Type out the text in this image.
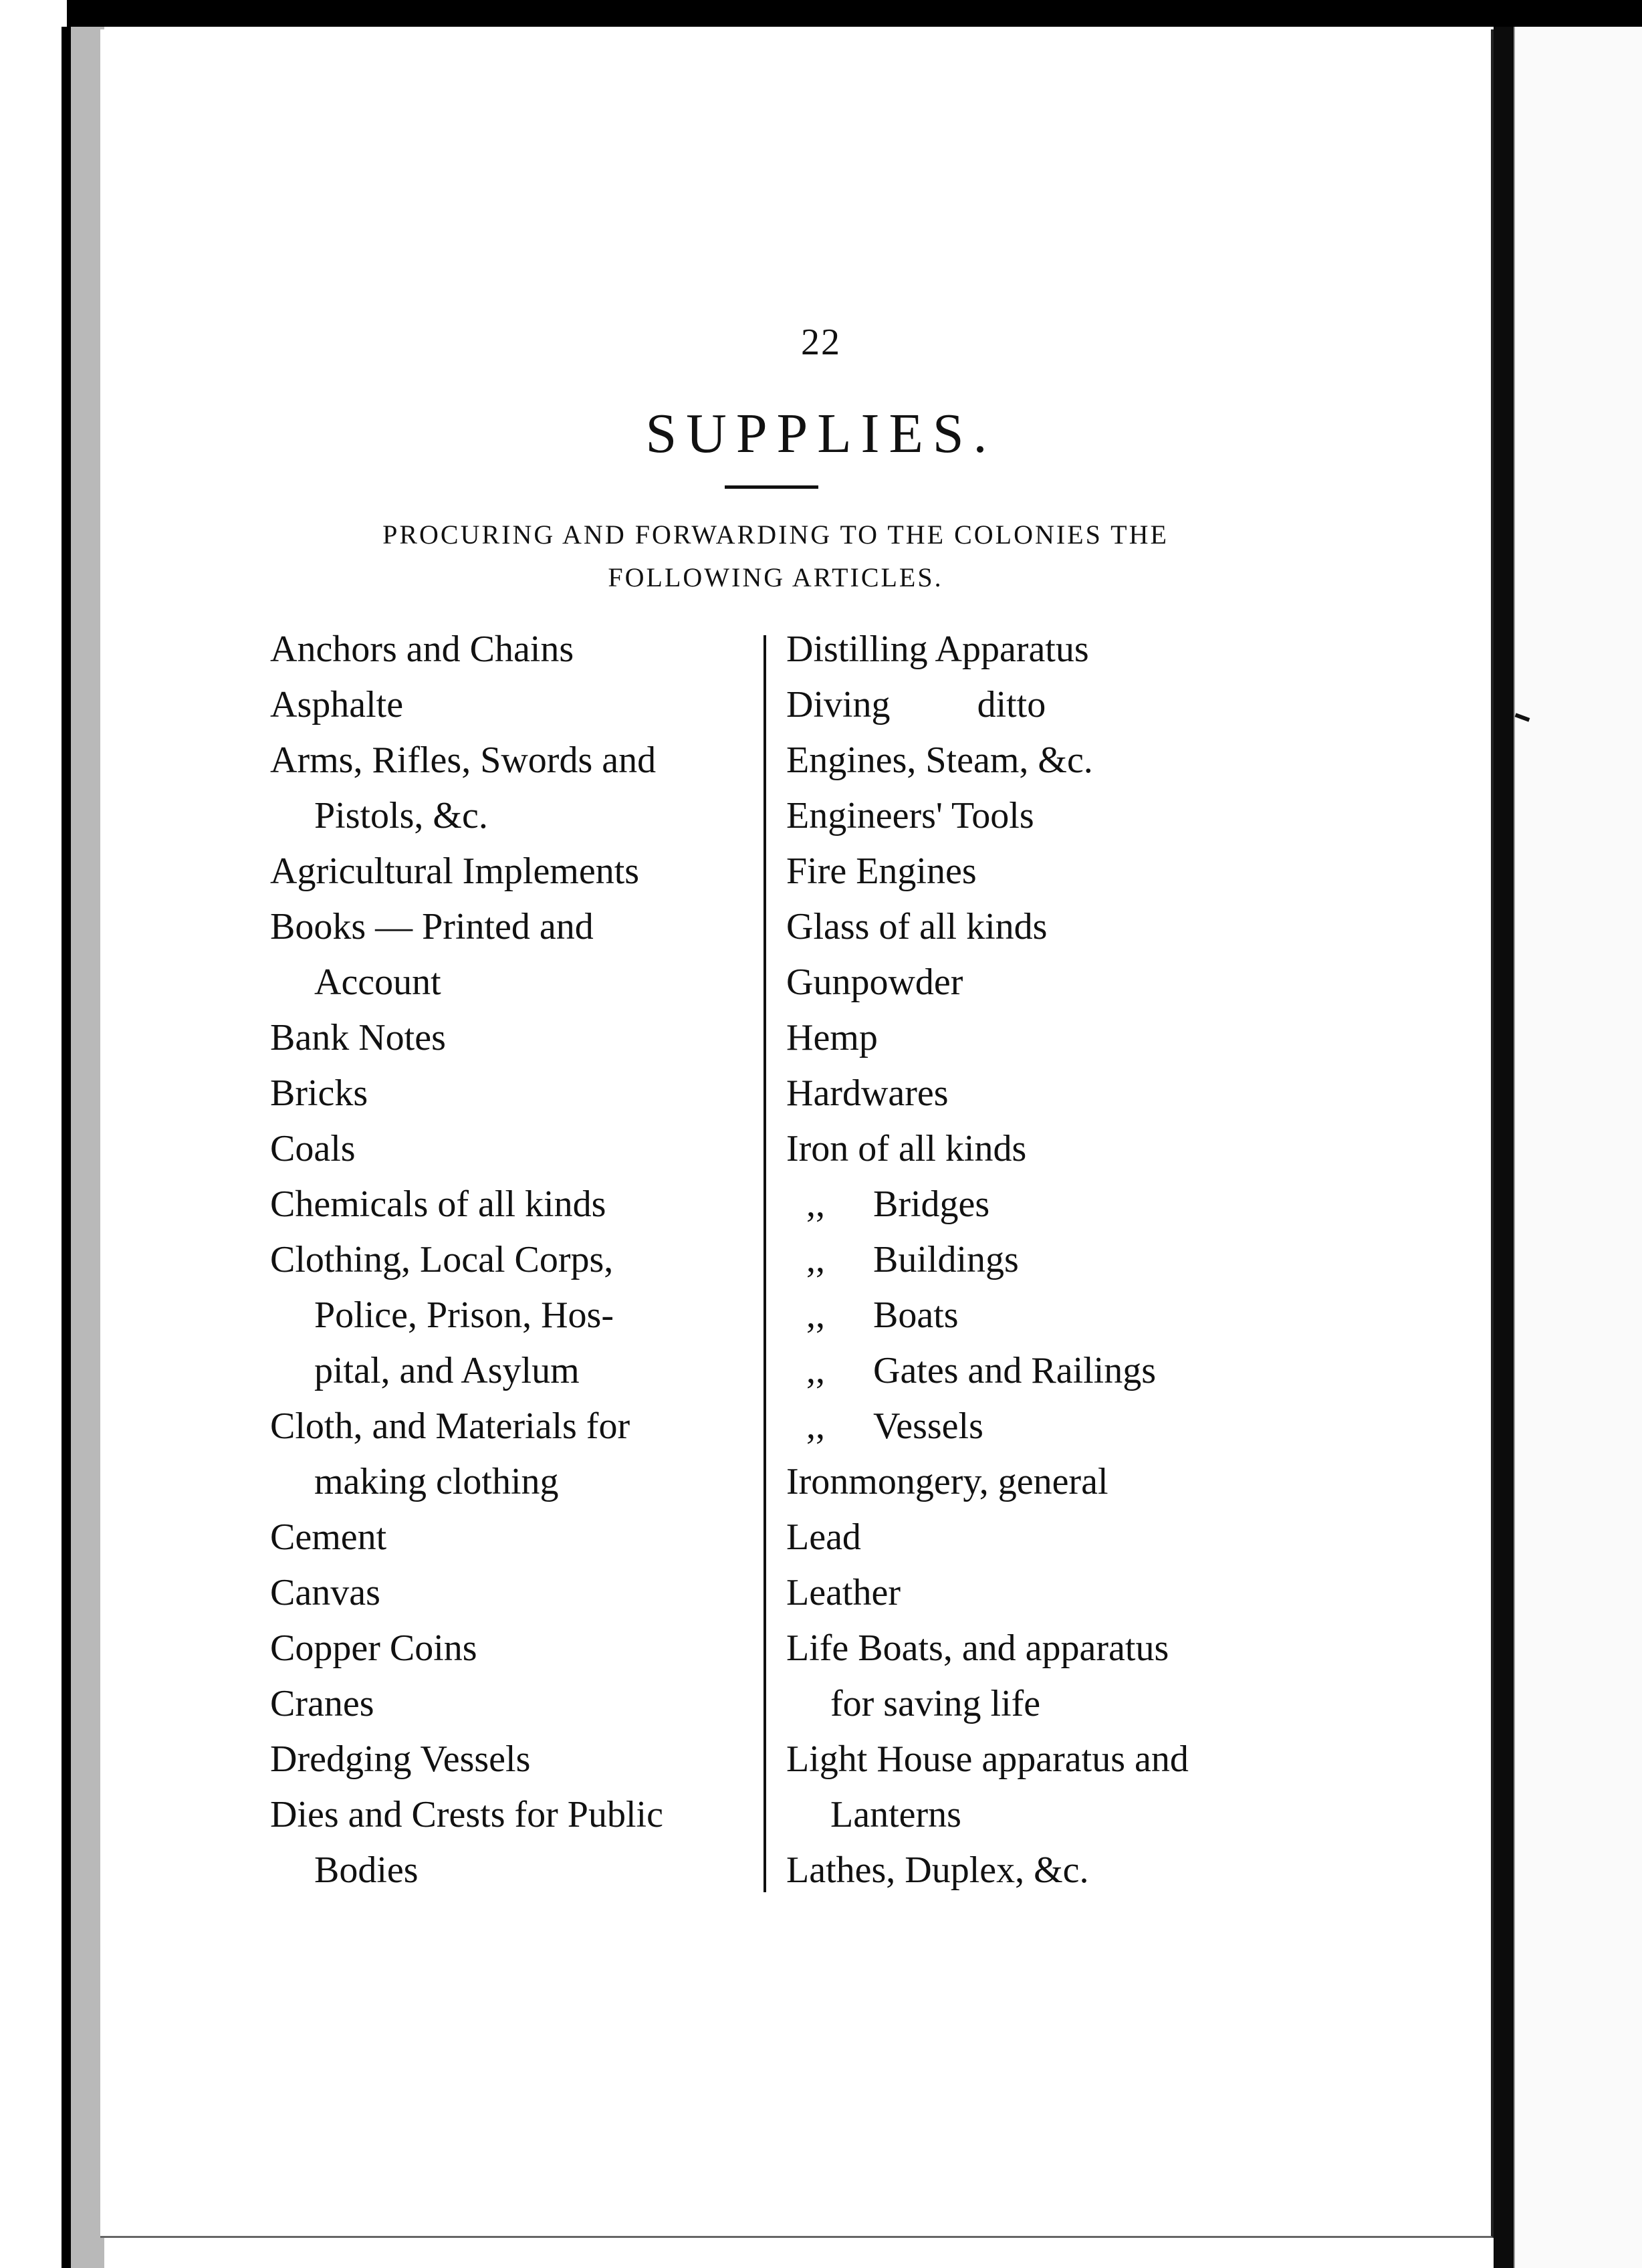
22
SUPPLIES.
PROCURING AND FORWARDING TO THE COLONIES THE
FOLLOWING ARTICLES.
Anchors and Chains
Asphalte
Arms, Rifles, Swords and
Pistols, &c.
Agricultural Implements
Books — Printed and
Account
Bank Notes
Bricks
Coals
Chemicals of all kinds
Clothing, Local Corps,
Police, Prison, Hos-
pital, and Asylum
Cloth, and Materials for
making clothing
Cement
Canvas
Copper Coins
Cranes
Dredging Vessels
Dies and Crests for Public
Bodies
Distilling Apparatus
Diving ditto
Engines, Steam, &c.
Engineers' Tools
Fire Engines
Glass of all kinds
Gunpowder
Hemp
Hardwares
Iron of all kinds
,, Bridges
,, Buildings
,, Boats
,, Gates and Railings
,, Vessels
Ironmongery, general
Lead
Leather
Life Boats, and apparatus
for saving life
Light House apparatus and
Lanterns
Lathes, Duplex, &c.
